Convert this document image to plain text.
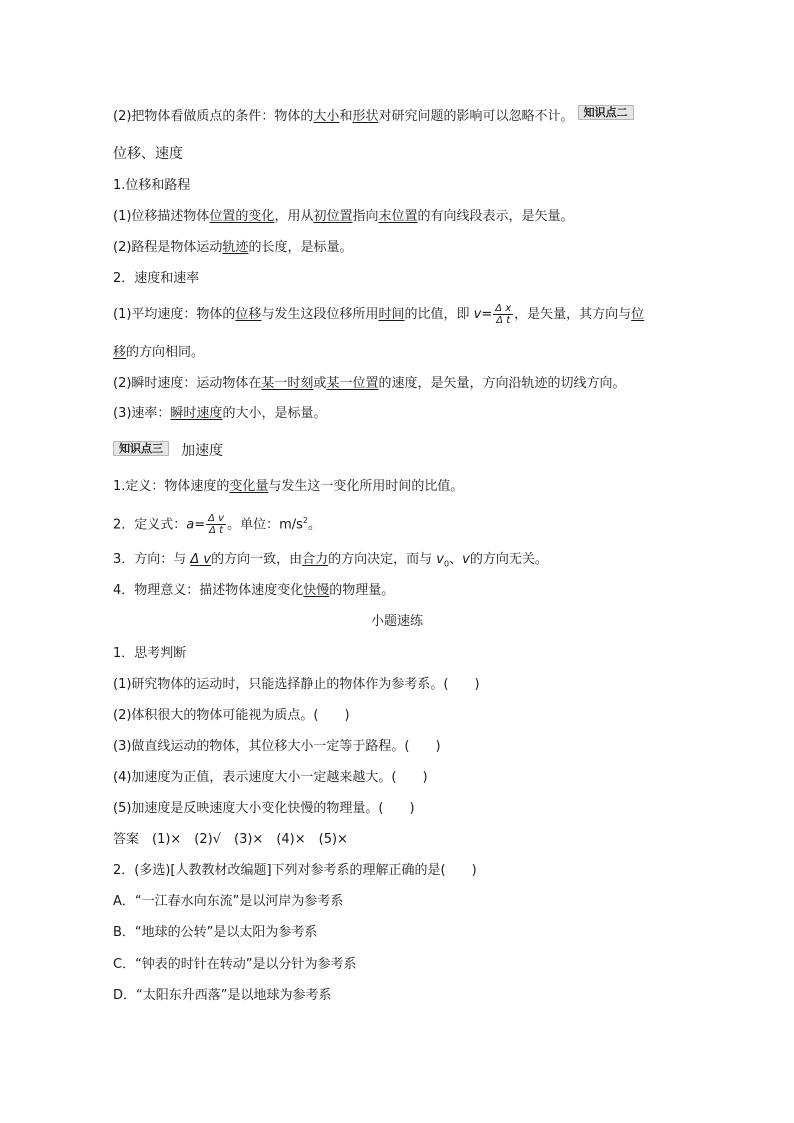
(2)把物体看做质点的条件：物体的大小和形状对研究问题的影响可以忽略不计。 知识点二
位移、速度
1.位移和路程
(1)位移描述物体位置的变化，用从初位置指向末位置的有向线段表示，是矢量。
(2)路程是物体运动轨迹的长度，是标量。
2．速度和速率
(1)平均速度：物体的位移与发生这段位移所用时间的比值，即 $v= \frac{\text{Δ x}}{\text{Δ t}}$ ，是矢量，其方向与位
移的方向相同。
(2)瞬时速度：运动物体在某一时刻或某一位置的速度，是矢量，方向沿轨迹的切线方向。
(3)速率：瞬时速度的大小，是标量。
知识点三 加速度
1.定义：物体速度的变化量与发生这一变化所用时间的比值。
2．定义式：$a= \frac{\text{Δ v}}{\text{Δ t}}$ 。单位：$m/s^2$。
3．方向：与 Δ v的方向一致，由合力的方向决定，而与 $v_0$、v的方向无关。
4．物理意义：描述物体速度变化快慢的物理量。
小题速练
1．思考判断
(1)研究物体的运动时，只能选择静止的物体作为参考系。(　　)
(2)体积很大的物体可能视为质点。(　　)
(3)做直线运动的物体，其位移大小一定等于路程。(　　)
(4)加速度为正值，表示速度大小一定越来越大。(　　)
(5)加速度是反映速度大小变化快慢的物理量。(　　)
答案　(1)×　(2)√　(3)×　(4)×　(5)×
2．(多选)[人教教材改编题]下列对参考系的理解正确的是(　　)
A．“一江春水向东流”是以河岸为参考系
B．“地球的公转”是以太阳为参考系
C．“钟表的时针在转动”是以分针为参考系
D．“太阳东升西落”是以地球为参考系
